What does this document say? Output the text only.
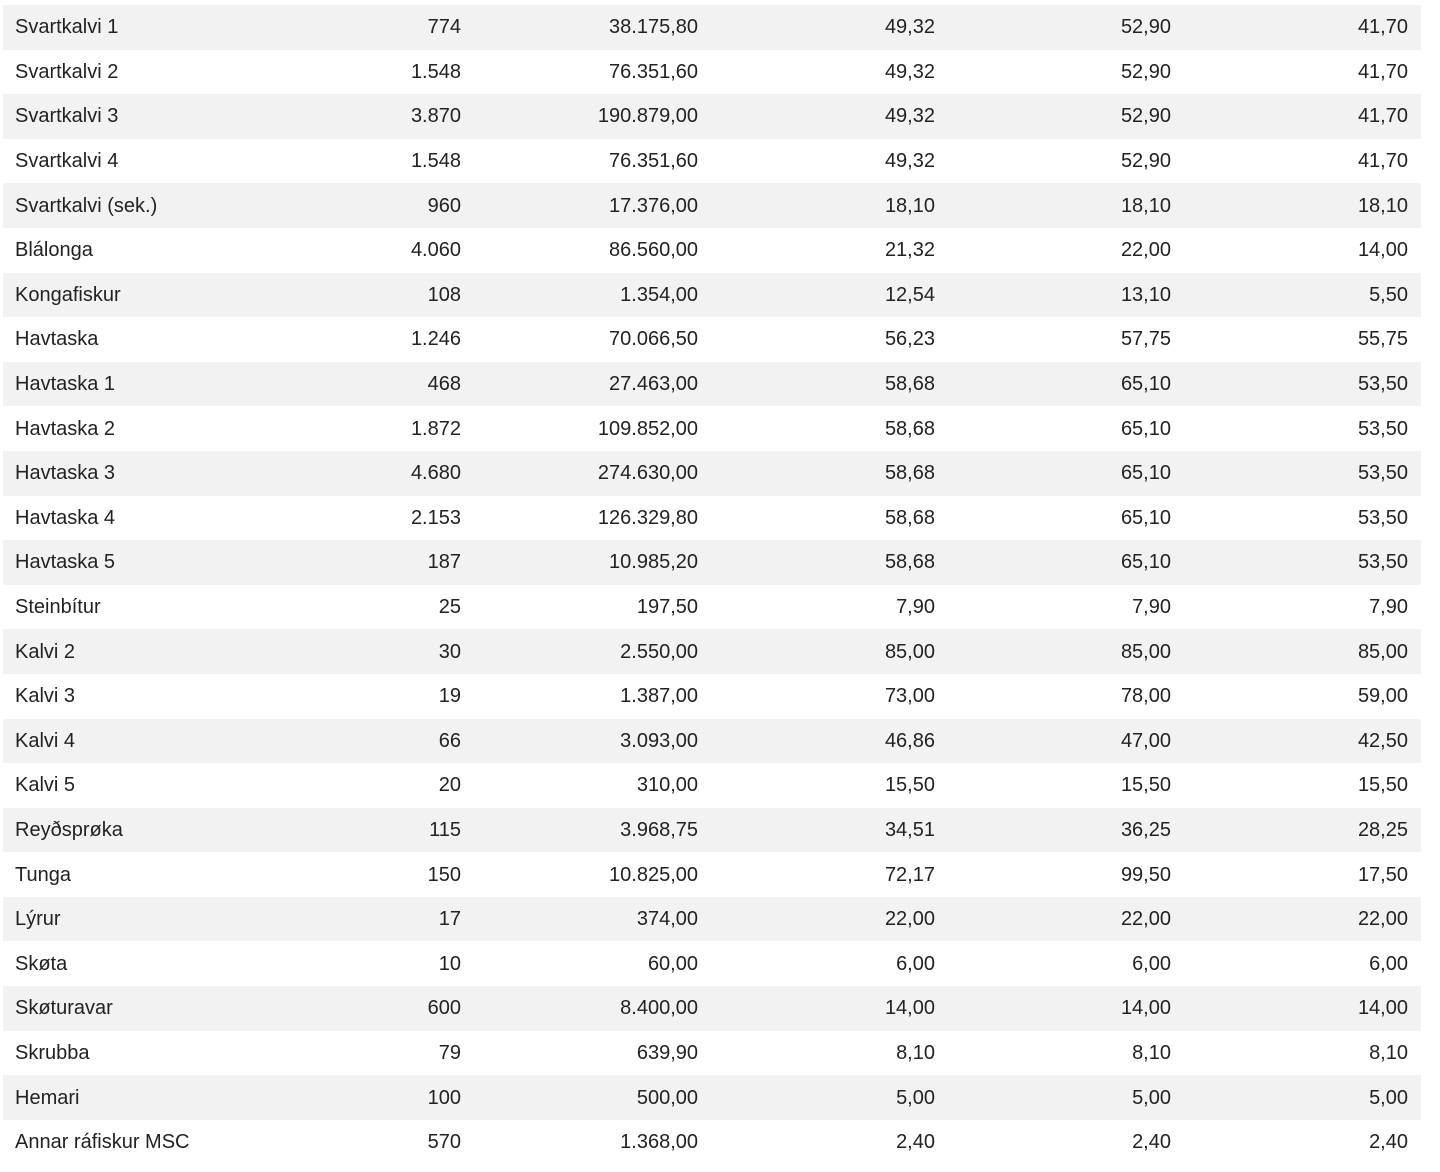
Svartkalvi 1	774	38.175,80	49,32	52,90	41,70
Svartkalvi 2	1.548	76.351,60	49,32	52,90	41,70
Svartkalvi 3	3.870	190.879,00	49,32	52,90	41,70
Svartkalvi 4	1.548	76.351,60	49,32	52,90	41,70
Svartkalvi (sek.)	960	17.376,00	18,10	18,10	18,10
Blálonga	4.060	86.560,00	21,32	22,00	14,00
Kongafiskur	108	1.354,00	12,54	13,10	5,50
Havtaska	1.246	70.066,50	56,23	57,75	55,75
Havtaska 1	468	27.463,00	58,68	65,10	53,50
Havtaska 2	1.872	109.852,00	58,68	65,10	53,50
Havtaska 3	4.680	274.630,00	58,68	65,10	53,50
Havtaska 4	2.153	126.329,80	58,68	65,10	53,50
Havtaska 5	187	10.985,20	58,68	65,10	53,50
Steinbítur	25	197,50	7,90	7,90	7,90
Kalvi 2	30	2.550,00	85,00	85,00	85,00
Kalvi 3	19	1.387,00	73,00	78,00	59,00
Kalvi 4	66	3.093,00	46,86	47,00	42,50
Kalvi 5	20	310,00	15,50	15,50	15,50
Reyðsprøka	115	3.968,75	34,51	36,25	28,25
Tunga	150	10.825,00	72,17	99,50	17,50
Lýrur	17	374,00	22,00	22,00	22,00
Skøta	10	60,00	6,00	6,00	6,00
Skøturavar	600	8.400,00	14,00	14,00	14,00
Skrubba	79	639,90	8,10	8,10	8,10
Hemari	100	500,00	5,00	5,00	5,00
Annar ráfiskur MSC	570	1.368,00	2,40	2,40	2,40
